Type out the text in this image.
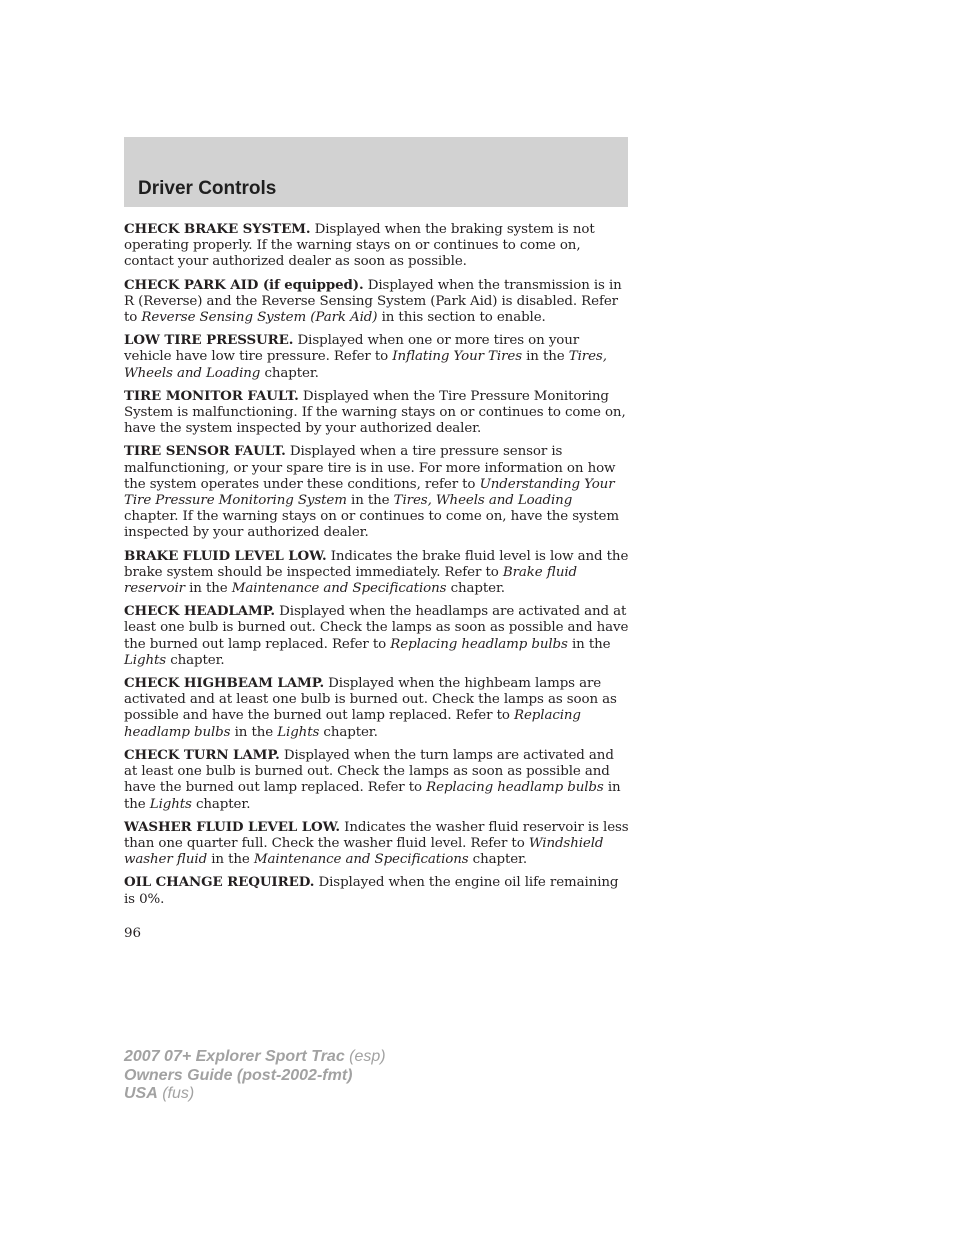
Driver Controls

CHECK BRAKE SYSTEM. Displayed when the braking system is not operating properly. If the warning stays on or continues to come on, contact your authorized dealer as soon as possible.

CHECK PARK AID (if equipped). Displayed when the transmission is in R (Reverse) and the Reverse Sensing System (Park Aid) is disabled. Refer to Reverse Sensing System (Park Aid) in this section to enable.

LOW TIRE PRESSURE. Displayed when one or more tires on your vehicle have low tire pressure. Refer to Inflating Your Tires in the Tires, Wheels and Loading chapter.

TIRE MONITOR FAULT. Displayed when the Tire Pressure Monitoring System is malfunctioning. If the warning stays on or continues to come on, have the system inspected by your authorized dealer.

TIRE SENSOR FAULT. Displayed when a tire pressure sensor is malfunctioning, or your spare tire is in use. For more information on how the system operates under these conditions, refer to Understanding Your Tire Pressure Monitoring System in the Tires, Wheels and Loading chapter. If the warning stays on or continues to come on, have the system inspected by your authorized dealer.

BRAKE FLUID LEVEL LOW. Indicates the brake fluid level is low and the brake system should be inspected immediately. Refer to Brake fluid reservoir in the Maintenance and Specifications chapter.

CHECK HEADLAMP. Displayed when the headlamps are activated and at least one bulb is burned out. Check the lamps as soon as possible and have the burned out lamp replaced. Refer to Replacing headlamp bulbs in the Lights chapter.

CHECK HIGHBEAM LAMP. Displayed when the highbeam lamps are activated and at least one bulb is burned out. Check the lamps as soon as possible and have the burned out lamp replaced. Refer to Replacing headlamp bulbs in the Lights chapter.

CHECK TURN LAMP. Displayed when the turn lamps are activated and at least one bulb is burned out. Check the lamps as soon as possible and have the burned out lamp replaced. Refer to Replacing headlamp bulbs in the Lights chapter.

WASHER FLUID LEVEL LOW. Indicates the washer fluid reservoir is less than one quarter full. Check the washer fluid level. Refer to Windshield washer fluid in the Maintenance and Specifications chapter.

OIL CHANGE REQUIRED. Displayed when the engine oil life remaining is 0%.

96
2007 07+ Explorer Sport Trac (esp)
Owners Guide (post-2002-fmt)
USA (fus)
